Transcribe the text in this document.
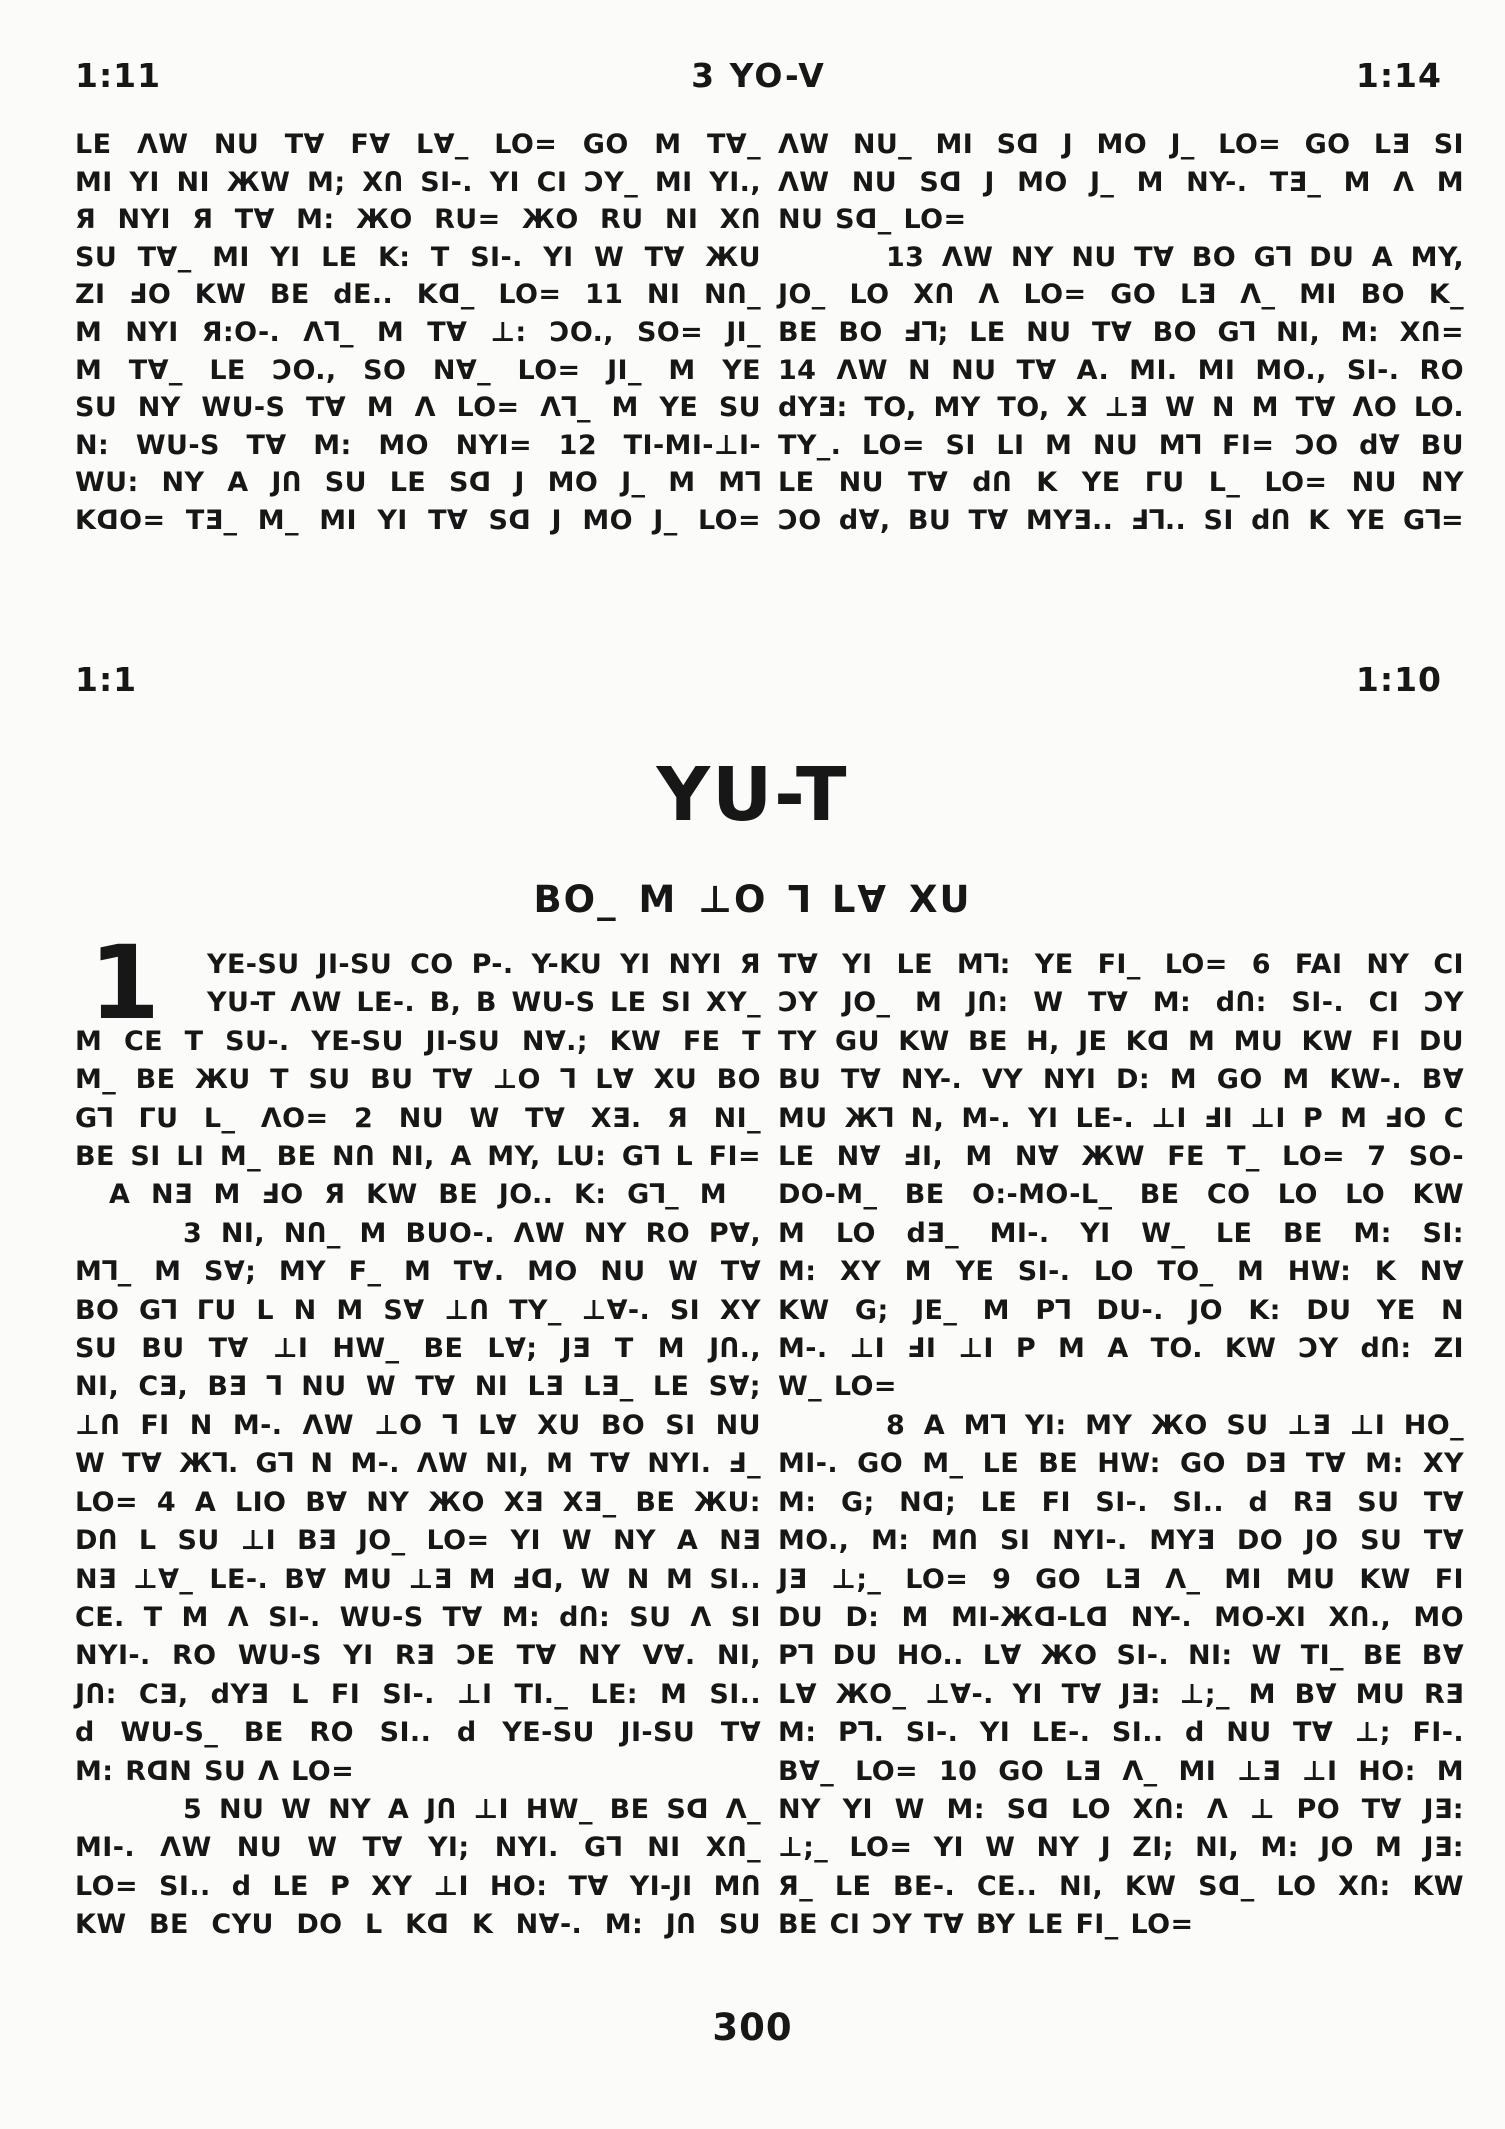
1:11	3 YO-V	1:14
LE ΛW NU T∀ F∀ L∀_ LO= GO M T∀_
MI YI NI ЖW M; XՈ SI-. YI CI ƆY_ MI YI.,
Я NYI Я T∀ M: ЖO RU= ЖO RU NI XՈ
SU T∀_ MI YI LE K: T SI-. YI W T∀ ЖU
ZI ℲO KW BE dE.. Kᗡ_ LO= 11 NI NՈ_
M NYI Я:O-. Λ⅂_ M T∀ ⊥: ƆO., SO= JI_
M T∀_ LE ƆO., SO N∀_ LO= JI_ M YE
SU NY WU-S T∀ M Λ LO= Λ⅂_ M YE SU
N: WU-S T∀ M: MO NYI= 12 TI-MI-⊥I-
WU: NY A JՈ SU LE Sᗡ J MO J_ M M⅂
KᗡO= TƎ_ M_ MI YI T∀ Sᗡ J MO J_ LO=
ΛW NU_ MI Sᗡ J MO J_ LO= GO LƎ SI
ΛW NU Sᗡ J MO J_ M NY-. TƎ_ M Λ M
NU Sᗡ_ LO=
13 ΛW NY NU T∀ BO G⅂ DU A MY,
JO_ LO XՈ Λ LO= GO LƎ Λ_ MI BO K_
BE BO Ⅎ⅂; LE NU T∀ BO G⅂ NI, M: XՈ=
14 ΛW N NU T∀ A. MI. MI MO., SI-. RO
dYƎ: TO, MY TO, X ⊥Ǝ W N M T∀ ΛO LO.
TY_. LO= SI LI M NU M⅂ FI= ƆO d∀ BU
LE NU T∀ dՈ K YE ΓU L_ LO= NU NY
ƆO d∀, BU T∀ MYƎ.. Ⅎ⅂.. SI dՈ K YE G⅂=
1:1	1:10
YU-T
BO_ M ⊥O ⅂ L∀ XU
1	YE-SU JI-SU CO P-. Y-KU YI NYI Я
YU-T ΛW LE-. B, B WU-S LE SI XY_
M CE T SU-. YE-SU JI-SU N∀.; KW FE T
M_ BE ЖU T SU BU T∀ ⊥O ⅂ L∀ XU BO
G⅂ ΓU L_ ΛO= 2 NU W T∀ XƎ. Я NI_
BE SI LI M_ BE NՈ NI, A MY, LU: G⅂ L FI=
A NƎ M ℲO Я KW BE JO.. K: G⅂_ M
3 NI, NՈ_ M BUO-. ΛW NY RO P∀,
M⅂_ M S∀; MY F_ M T∀. MO NU W T∀
BO G⅂ ΓU L N M S∀ ⊥Ո TY_ ⊥∀-. SI XY
SU BU T∀ ⊥I HW_ BE L∀; JƎ T M JՈ.,
NI, CƎ, BƎ ⅂ NU W T∀ NI LƎ LƎ_ LE S∀;
⊥Ո FI N M-. ΛW ⊥O ⅂ L∀ XU BO SI NU
W T∀ Ж⅂. G⅂ N M-. ΛW NI, M T∀ NYI. Ⅎ_
LO= 4 A LIO B∀ NY ЖO XƎ XƎ_ BE ЖU:
DՈ L SU ⊥I BƎ JO_ LO= YI W NY A NƎ
NƎ ⊥∀_ LE-. B∀ MU ⊥Ǝ M Ⅎᗡ, W N M SI..
CE. T M Λ SI-. WU-S T∀ M: dՈ: SU Λ SI
NYI-. RO WU-S YI RƎ ƆE T∀ NY V∀. NI,
JՈ: CƎ, dYƎ L FI SI-. ⊥I TI._ LE: M SI..
d WU-S_ BE RO SI.. d YE-SU JI-SU T∀
M: RᗡN SU Λ LO=
5 NU W NY A JՈ ⊥I HW_ BE Sᗡ Λ_
MI-. ΛW NU W T∀ YI; NYI. G⅂ NI XՈ_
LO= SI.. d LE P XY ⊥I HO: T∀ YI-JI MՈ
KW BE CYU DO L Kᗡ K N∀-. M: JՈ SU
T∀ YI LE M⅂: YE FI_ LO= 6 FAI NY CI
ƆY JO_ M JՈ: W T∀ M: dՈ: SI-. CI ƆY
TY GU KW BE H, JE Kᗡ M MU KW FI DU
BU T∀ NY-. VY NYI D: M GO M KW-. B∀
MU Ж⅂ N, M-. YI LE-. ⊥I ℲI ⊥I P M ℲO C
LE N∀ ℲI, M N∀ ЖW FE T_ LO= 7 SO-
DO-M_ BE O:-MO-L_ BE CO LO LO KW
M LO dƎ_ MI-. YI W_ LE BE M: SI:
M: XY M YE SI-. LO TO_ M HW: K N∀
KW G; JE_ M P⅂ DU-. JO K: DU YE N
M-. ⊥I ℲI ⊥I P M A TO. KW ƆY dՈ: ZI
W_ LO=
8 A M⅂ YI: MY ЖO SU ⊥Ǝ ⊥I HO_
MI-. GO M_ LE BE HW: GO DƎ T∀ M: XY
M: G; Nᗡ; LE FI SI-. SI.. d RƎ SU T∀
MO., M: MՈ SI NYI-. MYƎ DO JO SU T∀
JƎ ⊥;_ LO= 9 GO LƎ Λ_ MI MU KW FI
DU D: M MI-Жᗡ-Lᗡ NY-. MO-XI XՈ., MO
P⅂ DU HO.. L∀ ЖO SI-. NI: W TI_ BE B∀
L∀ ЖO_ ⊥∀-. YI T∀ JƎ: ⊥;_ M B∀ MU RƎ
M: P⅂. SI-. YI LE-. SI.. d NU T∀ ⊥; FI-.
B∀_ LO= 10 GO LƎ Λ_ MI ⊥Ǝ ⊥I HO: M
NY YI W M: Sᗡ LO XՈ: Λ ⊥ PO T∀ JƎ:
⊥;_ LO= YI W NY J ZI; NI, M: JO M JƎ:
Я_ LE BE-. CE.. NI, KW Sᗡ_ LO XՈ: KW
BE CI ƆY T∀ BY LE FI_ LO=
300
